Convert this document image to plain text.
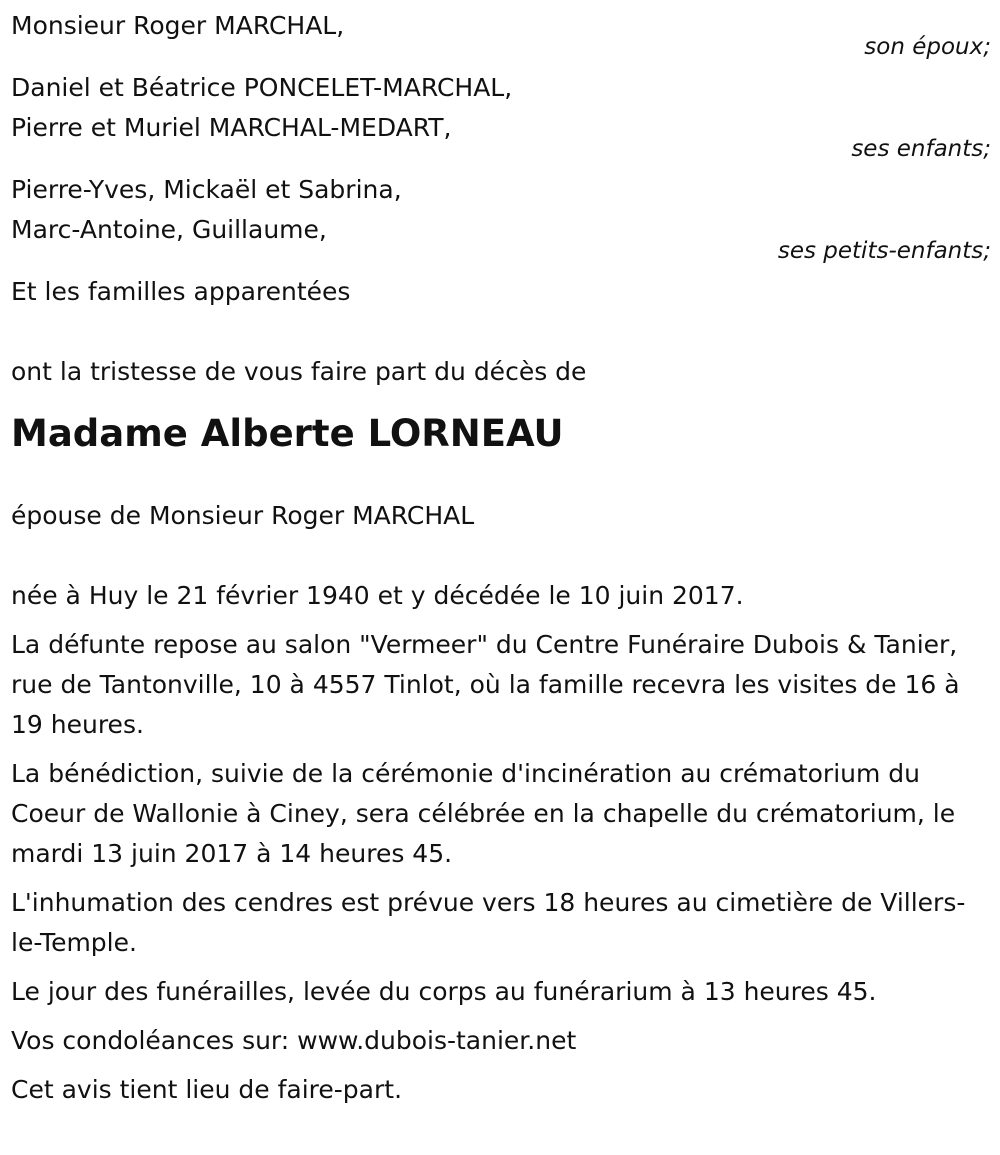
Monsieur Roger MARCHAL,
son époux;
Daniel et Béatrice PONCELET-MARCHAL,
Pierre et Muriel MARCHAL-MEDART,
ses enfants;
Pierre-Yves, Mickaël et Sabrina,
Marc-Antoine, Guillaume,
ses petits-enfants;
Et les familles apparentées
ont la tristesse de vous faire part du décès de
Madame Alberte LORNEAU
épouse de Monsieur Roger MARCHAL
née à Huy le 21 février 1940 et y décédée le 10 juin 2017.
La défunte repose au salon "Vermeer" du Centre Funéraire Dubois & Tanier, rue de Tantonville, 10 à 4557 Tinlot, où la famille recevra les visites de 16 à 19 heures.
La bénédiction, suivie de la cérémonie d'incinération au crématorium du Coeur de Wallonie à Ciney, sera célébrée en la chapelle du crématorium, le mardi 13 juin 2017 à 14 heures 45.
L'inhumation des cendres est prévue vers 18 heures au cimetière de Villers-le-Temple.
Le jour des funérailles, levée du corps au funérarium à 13 heures 45.
Vos condoléances sur: www.dubois-tanier.net
Cet avis tient lieu de faire-part.
